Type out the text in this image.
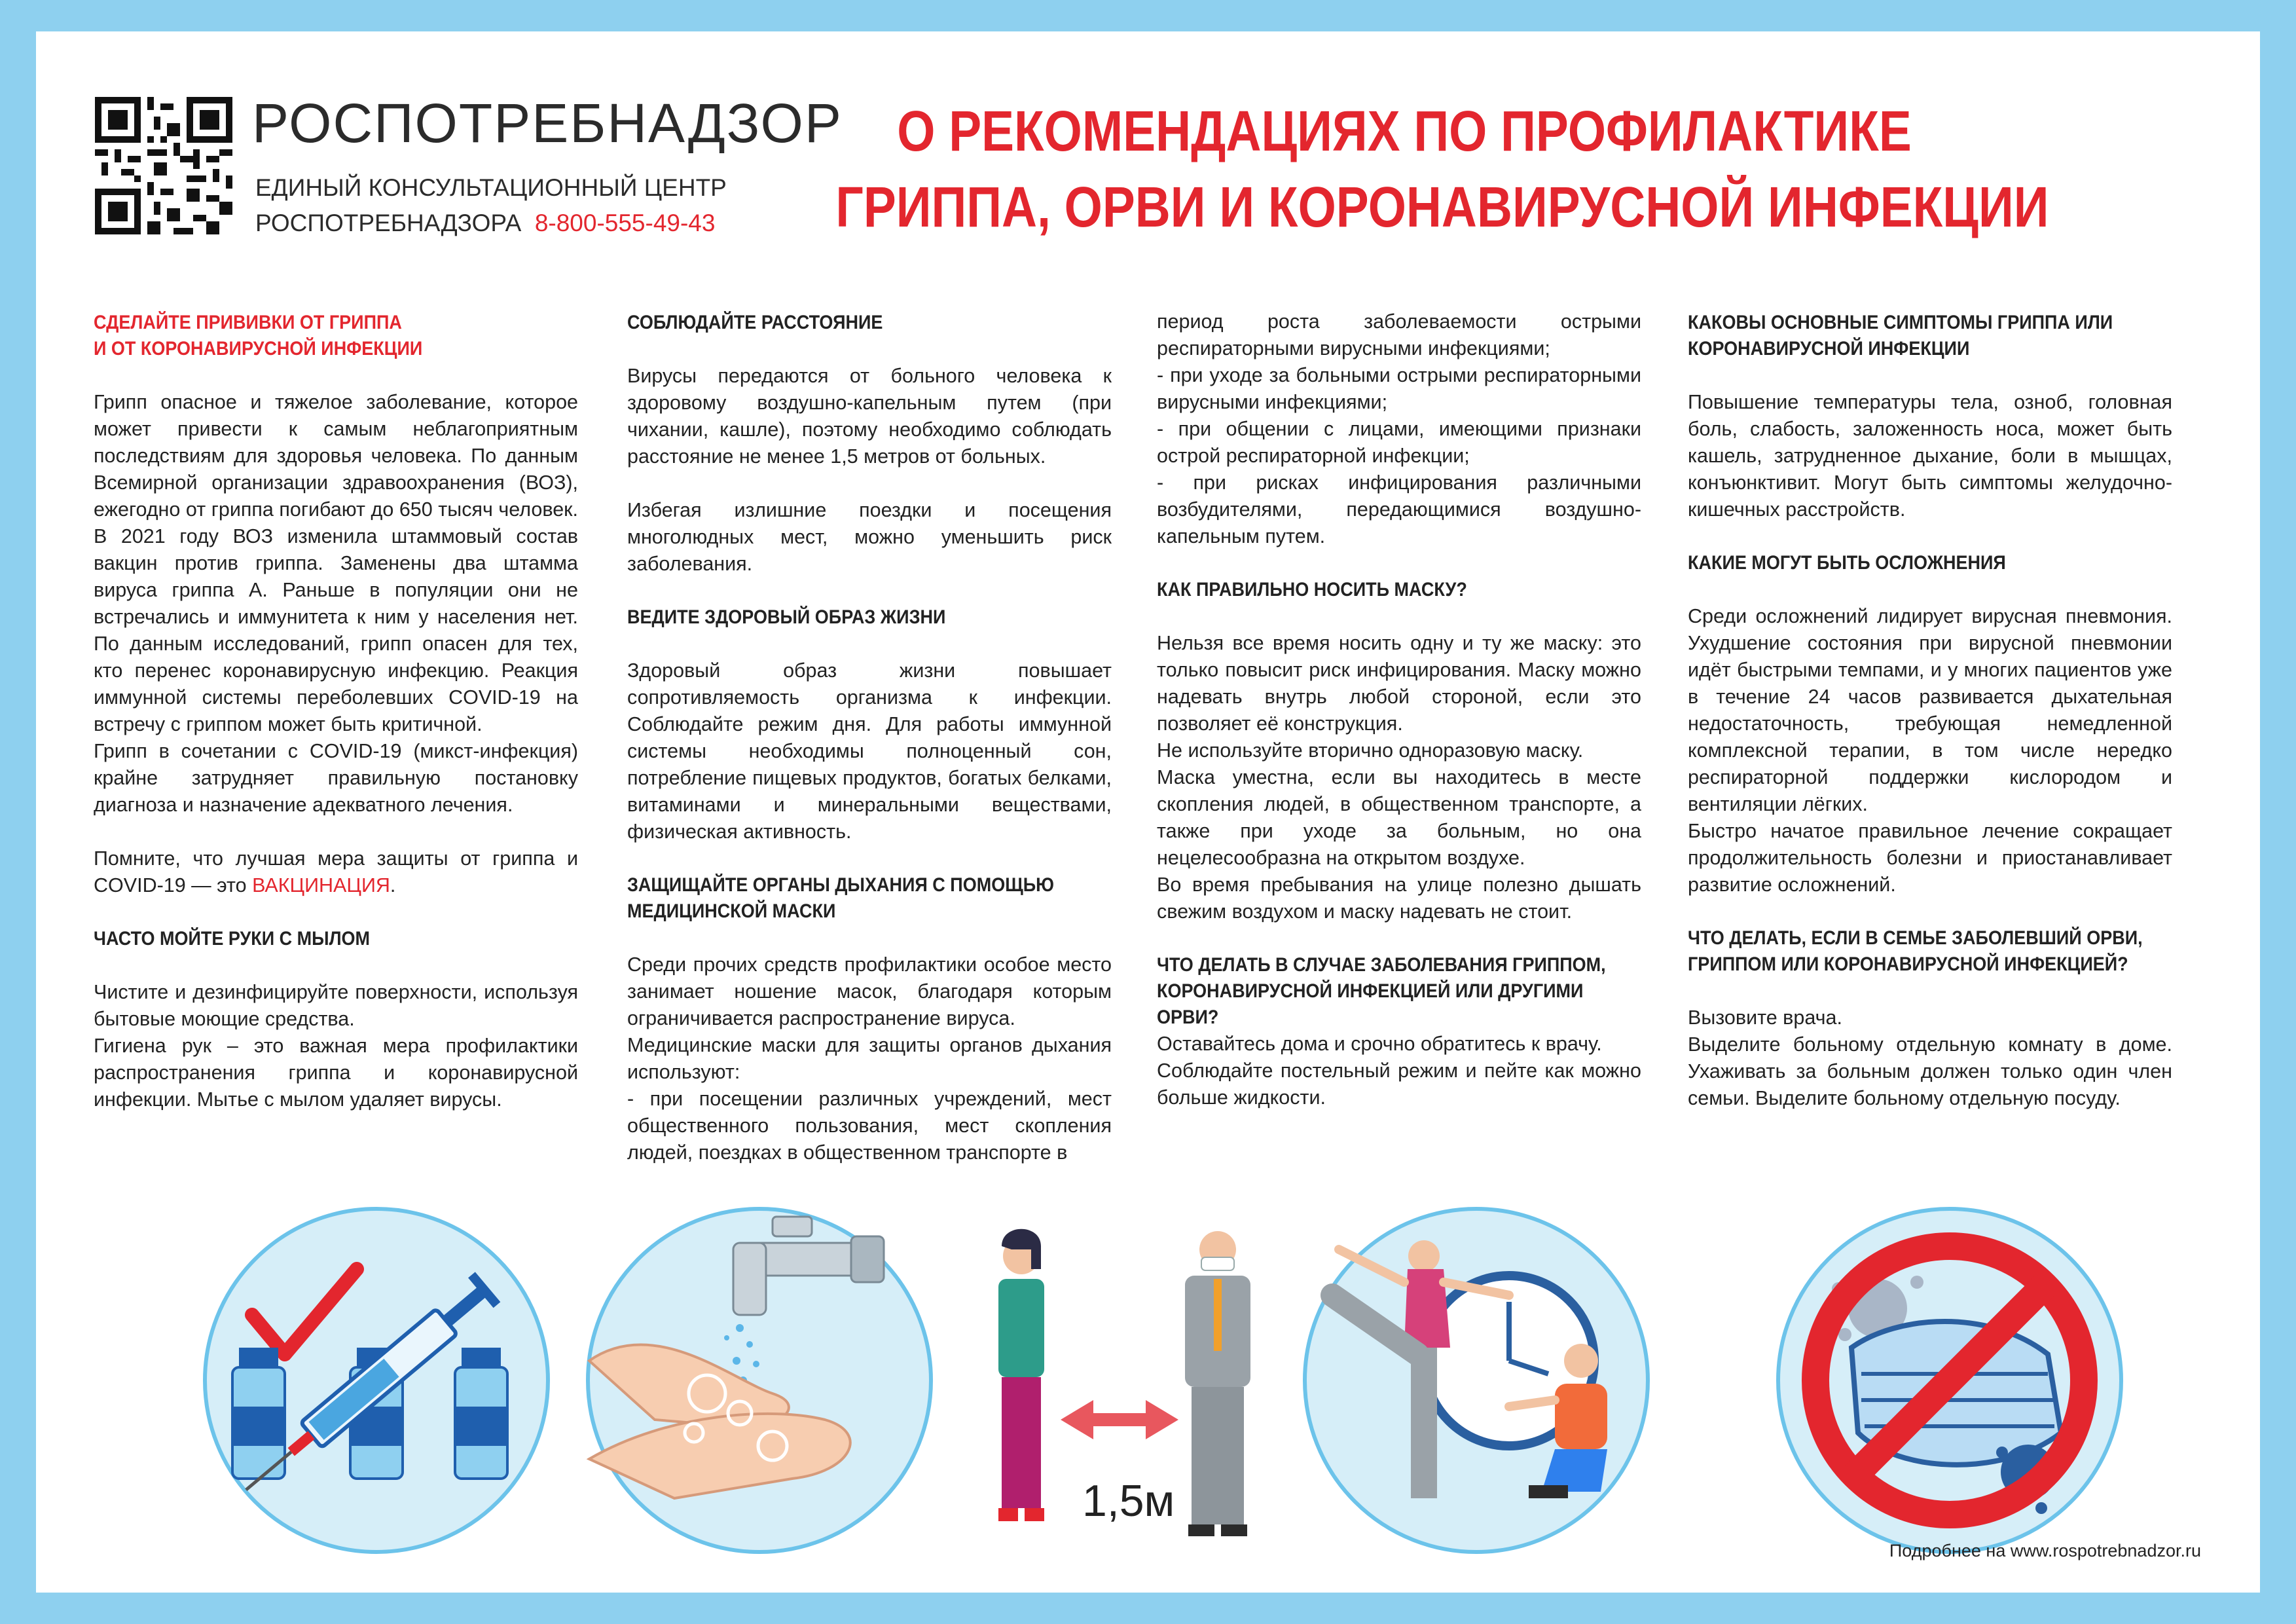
РОСПОТРЕБНАДЗОР
ЕДИНЫЙ КОНСУЛЬТАЦИОННЫЙ ЦЕНТР
РОСПОТРЕБНАДЗОРА 8-800-555-49-43
О РЕКОМЕНДАЦИЯХ ПО ПРОФИЛАКТИКЕ
ГРИППА, ОРВИ И КОРОНАВИРУСНОЙ ИНФЕКЦИИ
СДЕЛАЙТЕ ПРИВИВКИ ОТ ГРИППА
И ОТ КОРОНАВИРУСНОЙ ИНФЕКЦИИ

Грипп опасное и тяжелое заболевание, которое может привести к самым неблагоприятным последствиям для здоровья человека. По данным Всемирной организации здравоохранения (ВОЗ), ежегодно от гриппа погибают до 650 тысяч человек. В 2021 году ВОЗ изменила штаммовый состав вакцин против гриппа. Заменены два штамма вируса гриппа А. Раньше в популяции они не встречались и иммунитета к ним у населения нет. По данным исследований, грипп опасен для тех, кто перенес коронавирусную инфекцию. Реакция иммунной системы переболевших COVID-19 на встречу с гриппом может быть критичной.

Грипп в сочетании с COVID-19 (микст-инфекция) крайне затрудняет правильную постановку диагноза и назначение адекватного лечения.

Помните, что лучшая мера защиты от гриппа и COVID-19 — это ВАКЦИНАЦИЯ.

ЧАСТО МОЙТЕ РУКИ С МЫЛОМ

Чистите и дезинфицируйте поверхности, используя бытовые моющие средства.

Гигиена рук – это важная мера профилактики распространения гриппа и коронавирусной инфекции. Мытье с мылом удаляет вирусы.

СОБЛЮДАЙТЕ РАССТОЯНИЕ

Вирусы передаются от больного человека к здоровому воздушно-капельным путем (при чихании, кашле), поэтому необходимо соблюдать расстояние не менее 1,5 метров от больных.

Избегая излишние поездки и посещения многолюдных мест, можно уменьшить риск заболевания.

ВЕДИТЕ ЗДОРОВЫЙ ОБРАЗ ЖИЗНИ

Здоровый образ жизни повышает сопротивляемость организма к инфекции. Соблюдайте режим дня. Для работы иммунной системы необходимы полноценный сон, потребление пищевых продуктов, богатых белками, витаминами и минеральными веществами, физическая активность.

ЗАЩИЩАЙТЕ ОРГАНЫ ДЫХАНИЯ С ПОМОЩЬЮ МЕДИЦИНСКОЙ МАСКИ

Среди прочих средств профилактики особое место занимает ношение масок, благодаря которым ограничивается распространение вируса.

Медицинские маски для защиты органов дыхания используют:

- при посещении различных учреждений, мест общественного пользования, мест скопления людей, поездках в общественном транспорте в

период роста заболеваемости острыми респираторными вирусными инфекциями;

- при уходе за больными острыми респираторными вирусными инфекциями;

- при общении с лицами, имеющими признаки острой респираторной инфекции;

- при рисках инфицирования различными возбудителями, передающимися воздушно-капельным путем.

КАК ПРАВИЛЬНО НОСИТЬ МАСКУ?

Нельзя все время носить одну и ту же маску: это только повысит риск инфицирования. Маску можно надевать внутрь любой стороной, если это позволяет её конструкция.

Не используйте вторично одноразовую маску.

Маска уместна, если вы находитесь в месте скопления людей, в общественном транспорте, а также при уходе за больным, но она нецелесообразна на открытом воздухе.

Во время пребывания на улице полезно дышать свежим воздухом и маску надевать не стоит.

ЧТО ДЕЛАТЬ В СЛУЧАЕ ЗАБОЛЕВАНИЯ ГРИППОМ, КОРОНАВИРУСНОЙ ИНФЕКЦИЕЙ ИЛИ ДРУГИМИ ОРВИ?

Оставайтесь дома и срочно обратитесь к врачу.

Соблюдайте постельный режим и пейте как можно больше жидкости.

КАКОВЫ ОСНОВНЫЕ СИМПТОМЫ ГРИППА ИЛИ КОРОНАВИРУСНОЙ ИНФЕКЦИИ

Повышение температуры тела, озноб, головная боль, слабость, заложенность носа, может быть кашель, затрудненное дыхание, боли в мышцах, конъюнктивит. Могут быть симптомы желудочно-кишечных расстройств.

КАКИЕ МОГУТ БЫТЬ ОСЛОЖНЕНИЯ

Среди осложнений лидирует вирусная пневмония. Ухудшение состояния при вирусной пневмонии идёт быстрыми темпами, и у многих пациентов уже в течение 24 часов развивается дыхательная недостаточность, требующая немедленной комплексной терапии, в том числе нередко респираторной поддержки кислородом и вентиляции лёгких.

Быстро начатое правильное лечение сокращает продолжительность болезни и приостанавливает развитие осложнений.

ЧТО ДЕЛАТЬ, ЕСЛИ В СЕМЬЕ ЗАБОЛЕВШИЙ ОРВИ, ГРИППОМ ИЛИ КОРОНАВИРУСНОЙ ИНФЕКЦИЕЙ?

Вызовите врача.

Выделите больному отдельную комнату в доме. Ухаживать за больным должен только один член семьи. Выделите больному отдельную посуду.

1,5м
Подробнее на www.rospotrebnadzor.ru
